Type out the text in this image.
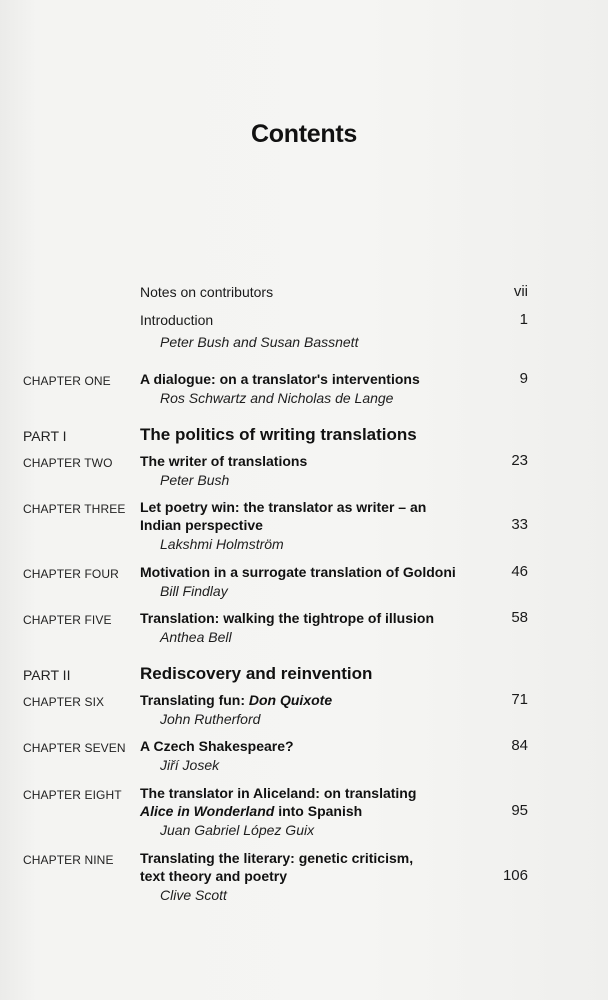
Contents
Notes on contributors	vii
Introduction	1
Peter Bush and Susan Bassnett
CHAPTER ONE A dialogue: on a translator's interventions	9
Ros Schwartz and Nicholas de Lange
PART I	The politics of writing translations
CHAPTER TWO The writer of translations	23
Peter Bush
CHAPTER THREE Let poetry win: the translator as writer – an
Indian perspective	33
Lakshmi Holmström
CHAPTER FOUR Motivation in a surrogate translation of Goldoni	46
Bill Findlay
CHAPTER FIVE Translation: walking the tightrope of illusion	58
Anthea Bell
PART II	Rediscovery and reinvention
CHAPTER SIX	Translating fun: Don Quixote	71
John Rutherford
CHAPTER SEVEN A Czech Shakespeare?	84
Jiří Josek
CHAPTER EIGHT The translator in Aliceland: on translating
Alice in Wonderland into Spanish	95
Juan Gabriel López Guix
CHAPTER NINE Translating the literary: genetic criticism,
text theory and poetry	106
Clive Scott
